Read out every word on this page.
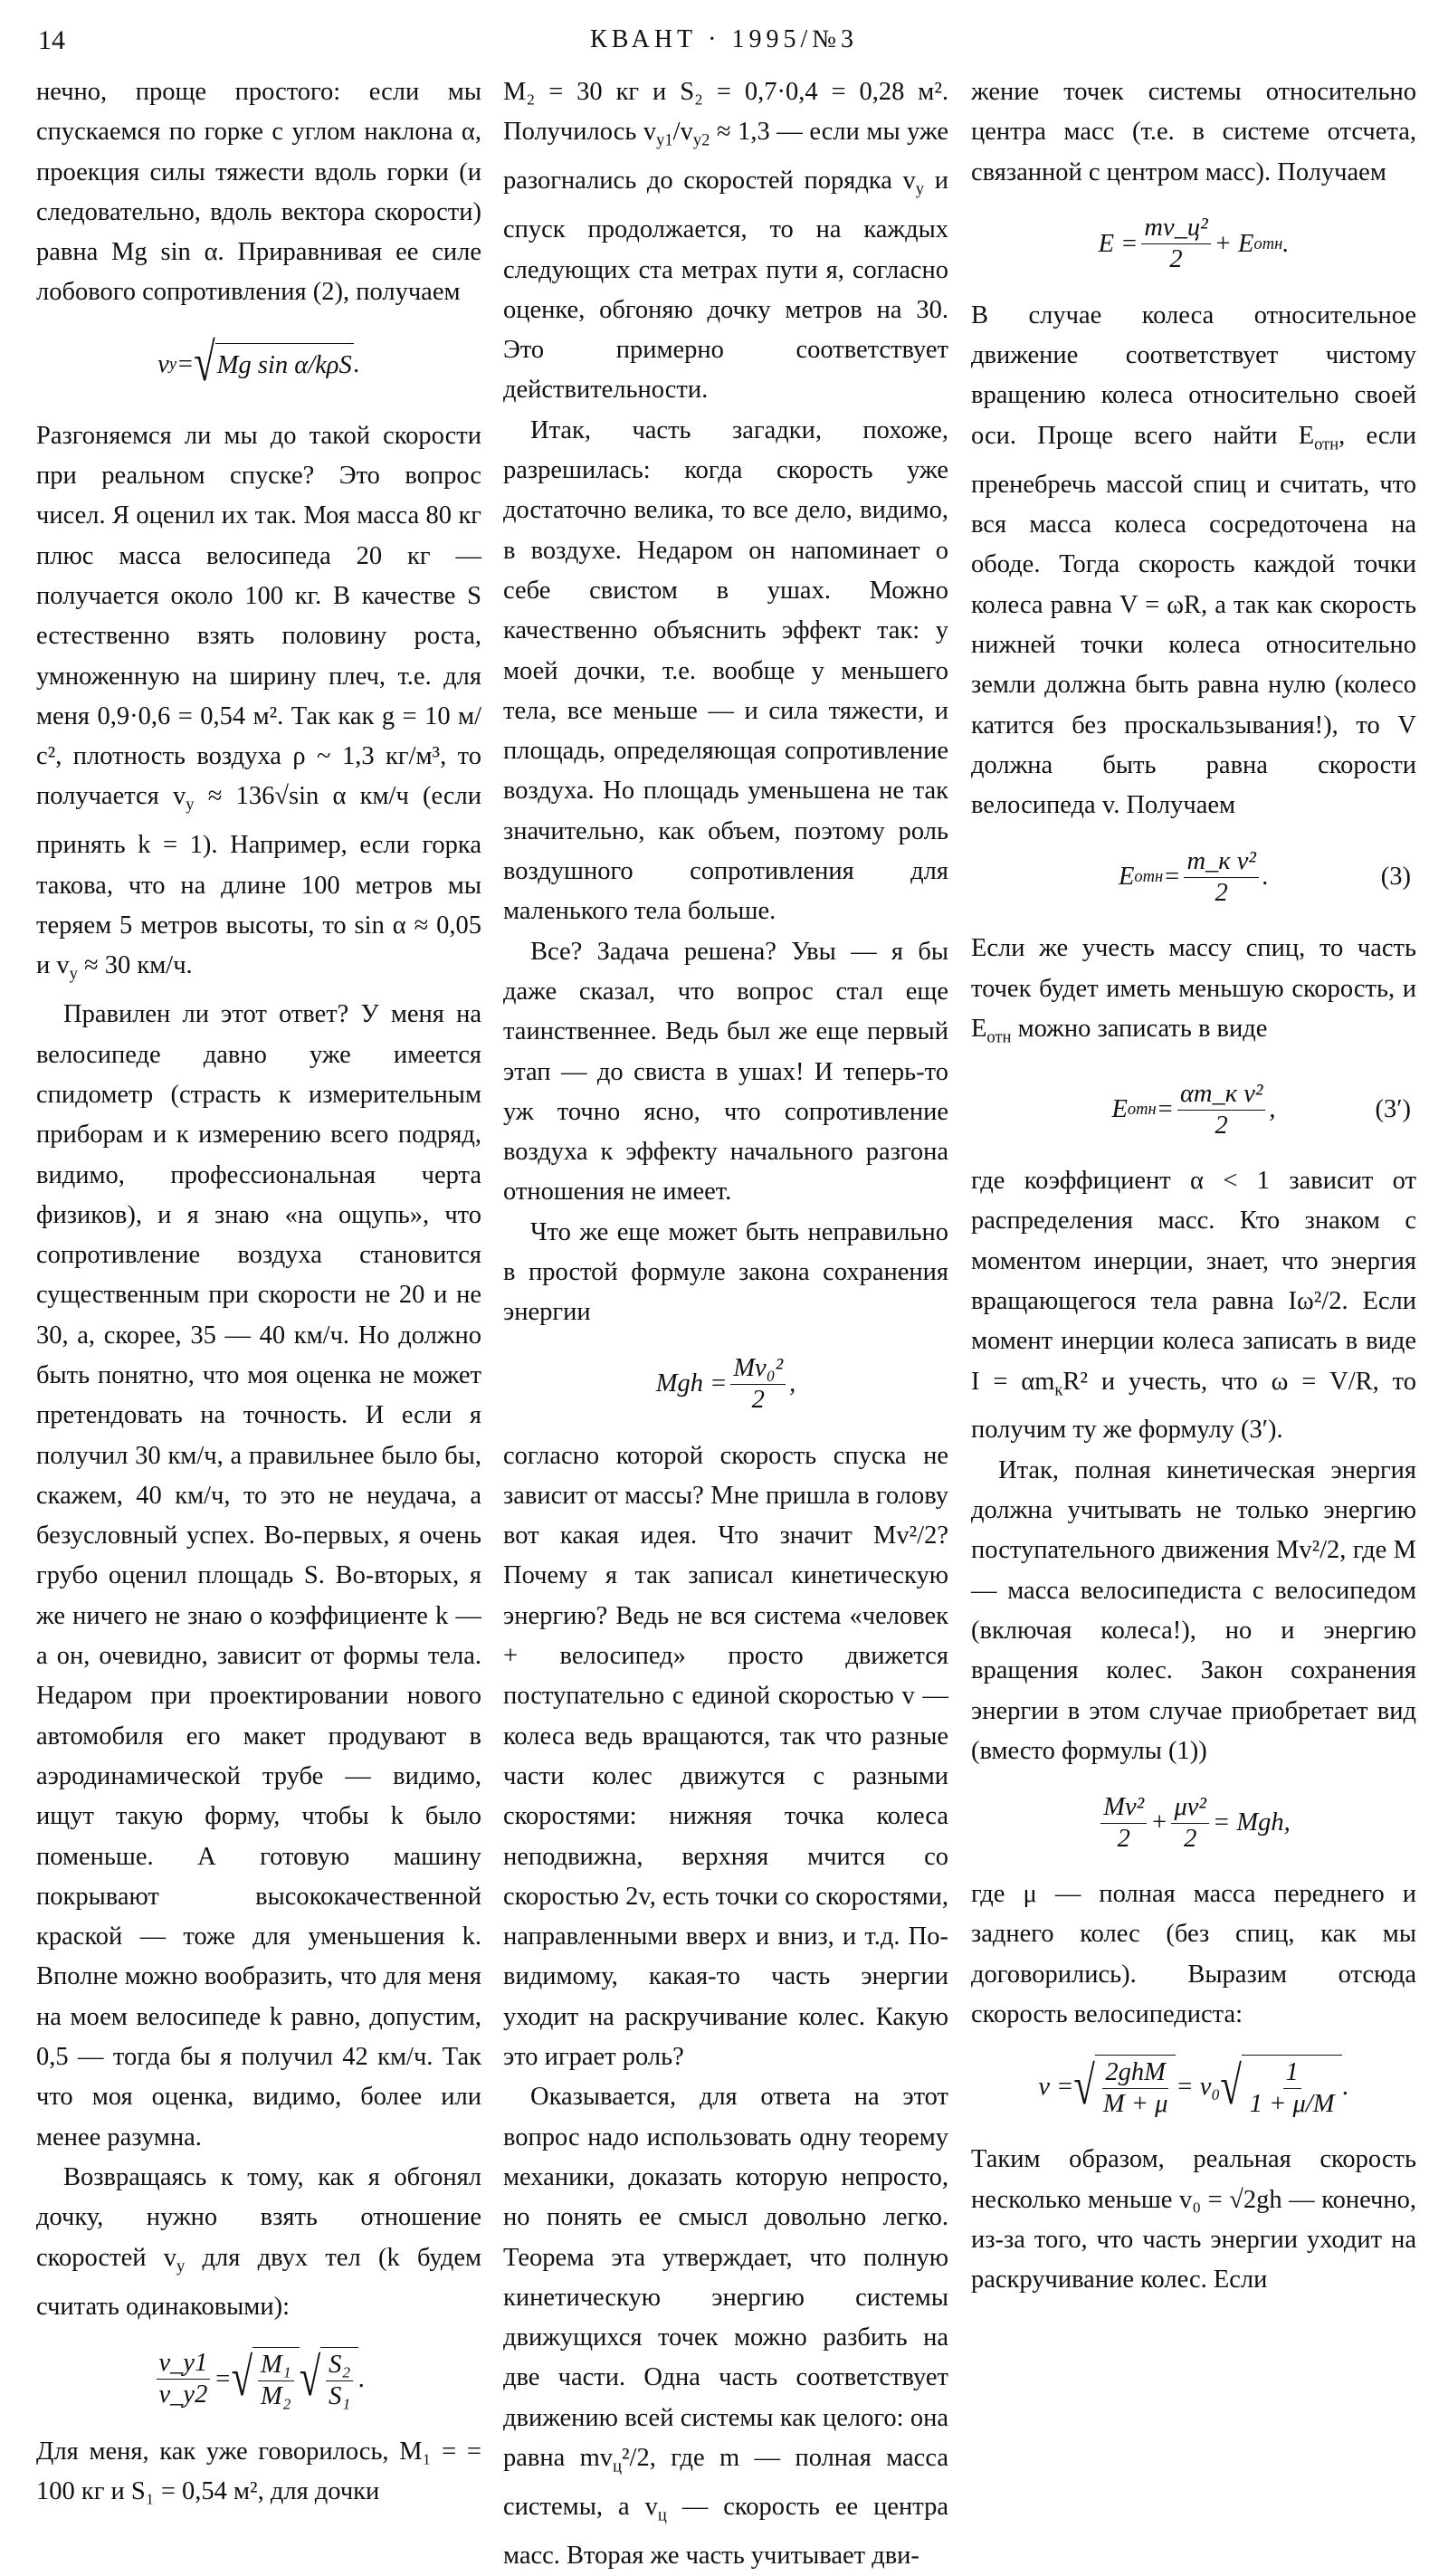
14	КВАНТ · 1995/№3

нечно, проще простого: если мы спускаемся по горке с углом наклона α, проекция силы тяжести вдоль горки (и следовательно, вдоль вектора скорости) равна Mg sin α. Приравнивая ее силе лобового сопротивления (2), получаем

v y = √ Mg sin α/kρS .

Разгоняемся ли мы до такой скорости при реальном спуске? Это вопрос чисел. Я оценил их так. Моя масса 80 кг плюс масса велосипеда 20 кг — получается около 100 кг. В качестве S естественно взять половину роста, умноженную на ширину плеч, т.е. для меня 0,9·0,6 = 0,54 м². Так как g = 10 м/с², плотность воздуха ρ ~ 1,3 кг/м³, то получается $v_y \approx 136√\sin$ α км/ч (если принять k = 1). Например, если горка такова, что на длине 100 метров мы теряем 5 метров высоты, то sin α ≈ 0,05 и $v_y \approx 30$ км/ч.

Правилен ли этот ответ? У меня на велосипеде давно уже имеется спидометр (страсть к измерительным приборам и к измерению всего подряд, видимо, профессиональная черта физиков), и я знаю «на ощупь», что сопротивление воздуха становится существенным при скорости не 20 и не 30, а, скорее, 35 — 40 км/ч. Но должно быть понятно, что моя оценка не может претендовать на точность. И если я получил 30 км/ч, а правильнее было бы, скажем, 40 км/ч, то это не неудача, а безусловный успех. Во-первых, я очень грубо оценил площадь S. Во-вторых, я же ничего не знаю о коэффициенте k — а он, очевидно, зависит от формы тела. Недаром при проектировании нового автомобиля его макет продувают в аэродинамической трубе — видимо, ищут такую форму, чтобы k было поменьше. А готовую машину покрывают высококачественной краской — тоже для уменьшения k. Вполне можно вообразить, что для меня на моем велосипеде k равно, допустим, 0,5 — тогда бы я получил 42 км/ч. Так что моя оценка, видимо, более или менее разумна.

Возвращаясь к тому, как я обгонял дочку, нужно взять отношение скоростей $v_y$ для двух тел (k будем считать одинаковыми):

$\frac{v\_y1}{v\_y2}$ = √ $\frac{\text{M₁}}{\text{M₂}}$ √ $\frac{\text{S₂}}{\text{S₁}}$ .

Для меня, как уже говорилось, M₁ = = 100 кг и S₁ = 0,54 м², для дочки

M₂ = 30 кг и S₂ = 0,7·0,4 = 0,28 м². Получилось $v_{y1}/v_{y2} \approx 1,3$ — если мы уже разогнались до скоростей порядка $v_y$ и спуск продолжается, то на каждых следующих ста метрах пути я, согласно оценке, обгоняю дочку метров на 30. Это примерно соответствует действительности.

Итак, часть загадки, похоже, разрешилась: когда скорость уже достаточно велика, то все дело, видимо, в воздухе. Недаром он напоминает о себе свистом в ушах. Можно качественно объяснить эффект так: у моей дочки, т.е. вообще у меньшего тела, все меньше — и сила тяжести, и площадь, определяющая сопротивление воздуха. Но площадь уменьшена не так значительно, как объем, поэтому роль воздушного сопротивления для маленького тела больше.

Все? Задача решена? Увы — я бы даже сказал, что вопрос стал еще таинственнее. Ведь был же еще первый этап — до свиста в ушах! И теперь-то уж точно ясно, что сопротивление воздуха к эффекту начального разгона отношения не имеет.

Что же еще может быть неправильно в простой формуле закона сохранения энергии

Mgh = $\frac{\text{Mv₀²}}{2}$ ,

согласно которой скорость спуска не зависит от массы? Мне пришла в голову вот какая идея. Что значит Mv²/2? Почему я так записал кинетическую энергию? Ведь не вся система «человек + велосипед» просто движется поступательно с единой скоростью v — колеса ведь вращаются, так что разные части колес движутся с разными скоростями: нижняя точка колеса неподвижна, верхняя мчится со скоростью 2v, есть точки со скоростями, направленными вверх и вниз, и т.д. По-видимому, какая-то часть энергии уходит на раскручивание колес. Какую это играет роль?

Оказывается, для ответа на этот вопрос надо использовать одну теорему механики, доказать которую непросто, но понять ее смысл довольно легко. Теорема эта утверждает, что полную кинетическую энергию системы движущихся точек можно разбить на две части. Одна часть соответствует движению всей системы как целого: она равна $mv_ц^2/2$, где m — полная масса системы, а $v_ц$ — скорость ее центра масс. Вторая же часть учитывает дви-

жение точек системы относительно центра масс (т.е. в системе отсчета, связанной с центром масс). Получаем

$E = \frac{\text{mv\_ц²}}{2} + E$ отн .

В случае колеса относительное движение соответствует чистому вращению колеса относительно своей оси. Проще всего найти $E_{отн}$, если пренебречь массой спиц и считать, что вся масса колеса сосредоточена на ободе. Тогда скорость каждой точки колеса равна V = ωR, а так как скорость нижней точки колеса относительно земли должна быть равна нулю (колесо катится без проскальзывания!), то V должна быть равна скорости велосипеда v. Получаем

E отн = $\frac{\text{m\_к v²}}{2}$ .	(3)

Если же учесть массу спиц, то часть точек будет иметь меньшую скорость, и $E_{отн}$ можно записать в виде

E отн = $\frac{\text{αm\_к v²}}{2}$ ,	(3′)

где коэффициент α < 1 зависит от распределения масс. Кто знаком с моментом инерции, знает, что энергия вращающегося тела равна Iω²/2. Если момент инерции колеса записать в виде $I = \alpha m_кR^2$ и учесть, что ω = V/R, то получим ту же формулу (3′).

Итак, полная кинетическая энергия должна учитывать не только энергию поступательного движения Mv²/2, где M — масса велосипедиста с велосипедом (включая колеса!), но и энергию вращения колес. Закон сохранения энергии в этом случае приобретает вид (вместо формулы (1))

$\frac{\text{Mv²}}{2} + \frac{\text{μv²}}{2}$ = Mgh,

где μ — полная масса переднего и заднего колес (без спиц, как мы договорились). Выразим отсюда скорость велосипедиста:

v = √ $\frac{\text{2ghM}}{M + \mu} = v_0$ √ $\frac{1}{1 + \mu/M}$ .

Таким образом, реальная скорость несколько меньше v₀ = √2gh — конечно, из-за того, что часть энергии уходит на раскручивание колес. Если
